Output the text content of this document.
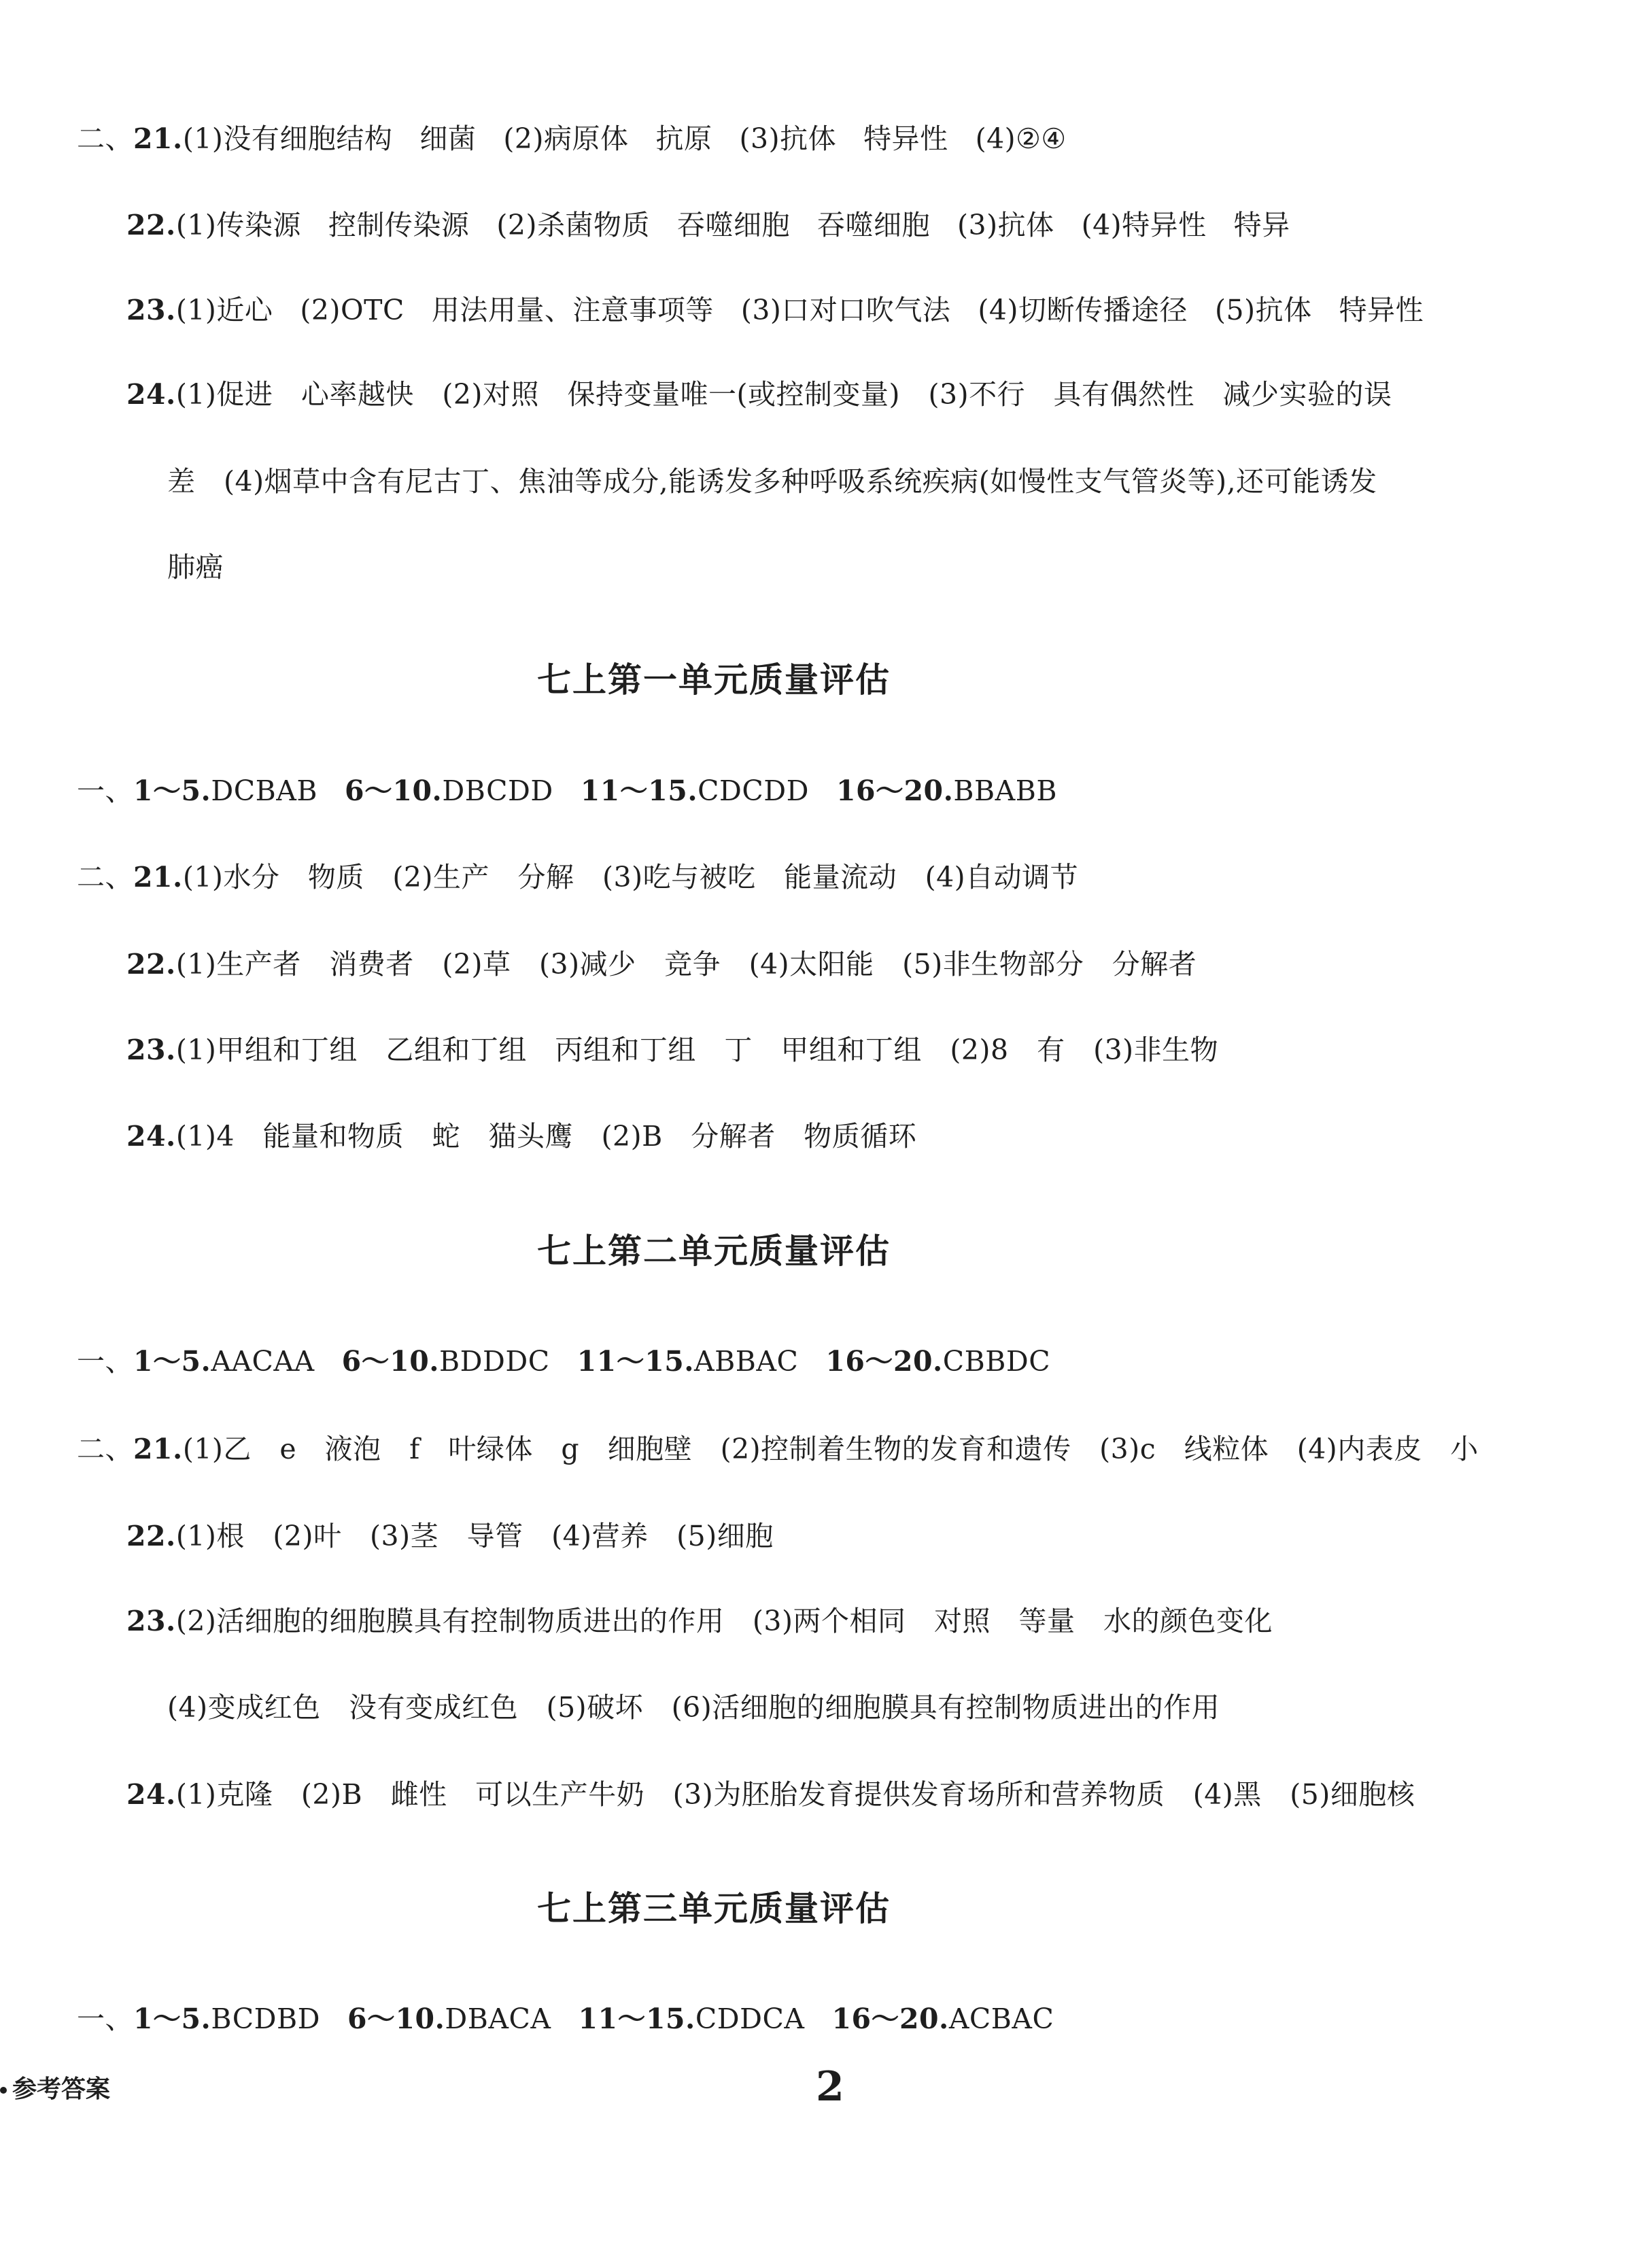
二、21.(1)没有细胞结构 细菌 (2)病原体 抗原 (3)抗体 特异性 (4)②④
22.(1)传染源 控制传染源 (2)杀菌物质 吞噬细胞 吞噬细胞 (3)抗体 (4)特异性 特异
23.(1)近心 (2)OTC 用法用量、注意事项等 (3)口对口吹气法 (4)切断传播途径 (5)抗体 特异性
24.(1)促进　心率越快　(2)对照　保持变量唯一(或控制变量)　(3)不行　具有偶然性　减少实验的误
差　(4)烟草中含有尼古丁、焦油等成分,能诱发多种呼吸系统疾病(如慢性支气管炎等),还可能诱发
肺癌
七上第一单元质量评估
一、1～5.DCBAB 6～10.DBCDD 11～15.CDCDD 16～20.BBABB
二、21.(1)水分　物质　(2)生产　分解　(3)吃与被吃　能量流动　(4)自动调节
22.(1)生产者　消费者　(2)草　(3)减少　竞争　(4)太阳能　(5)非生物部分　分解者
23.(1)甲组和丁组　乙组和丁组　丙组和丁组　丁　甲组和丁组　(2)8　有　(3)非生物
24.(1)4　能量和物质　蛇　猫头鹰　(2)B　分解者　物质循环
七上第二单元质量评估
一、1～5.AACAA 6～10.BDDDC 11～15.ABBAC 16～20.CBBDC
二、21.(1)乙　e　液泡　f　叶绿体　g　细胞壁　(2)控制着生物的发育和遗传　(3)c　线粒体　(4)内表皮　小
22.(1)根　(2)叶　(3)茎　导管　(4)营养　(5)细胞
23.(2)活细胞的细胞膜具有控制物质进出的作用　(3)两个相同　对照　等量　水的颜色变化
(4)变成红色　没有变成红色　(5)破坏　(6)活细胞的细胞膜具有控制物质进出的作用
24.(1)克隆　(2)B　雌性　可以生产牛奶　(3)为胚胎发育提供发育场所和营养物质　(4)黑　(5)细胞核
七上第三单元质量评估
一、1～5.BCDBD 6～10.DBACA 11～15.CDDCA 16～20.ACBAC
参考答案	2
